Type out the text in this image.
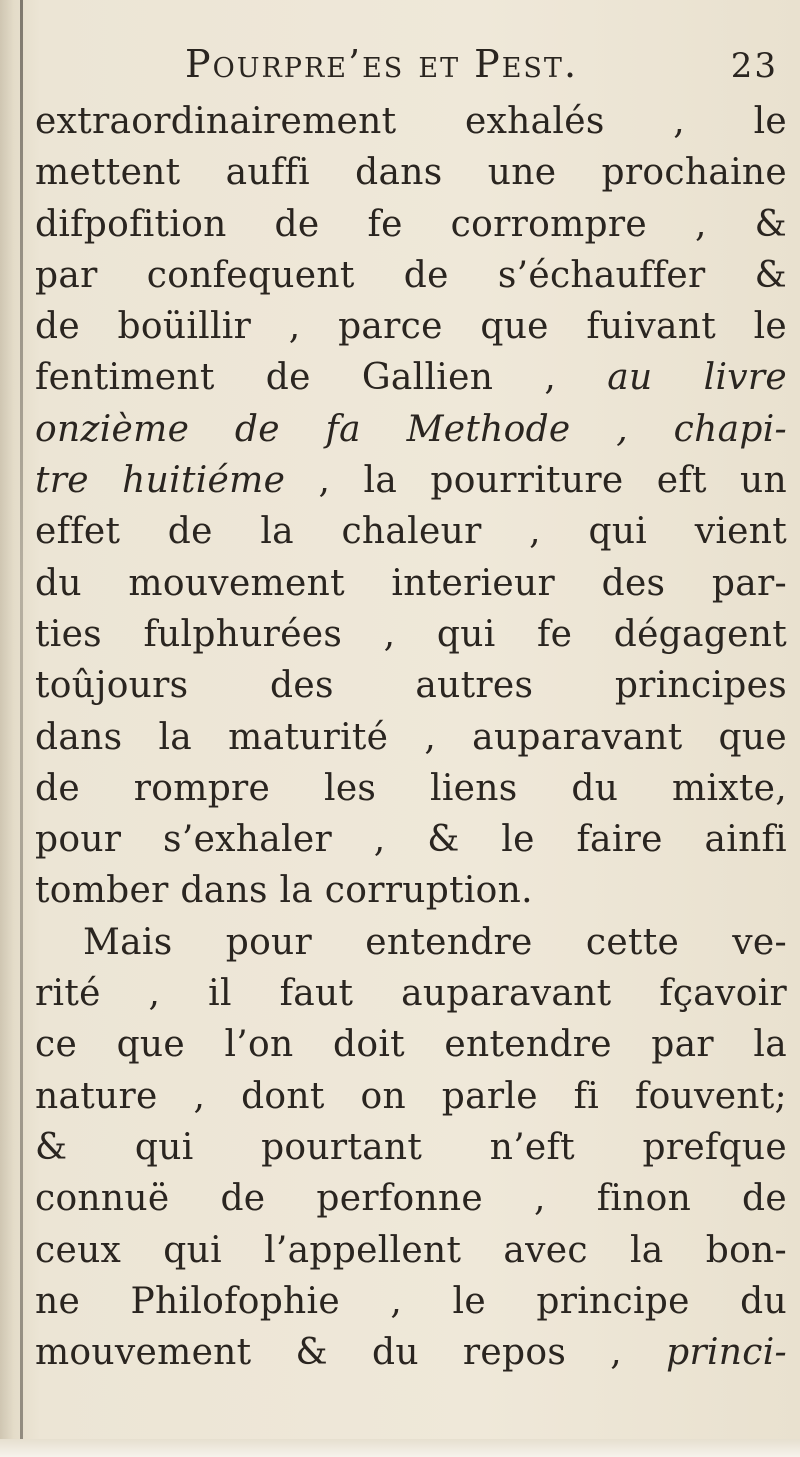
Pourpre’es et Pest.	23
extraordinairement exhalés , le
mettent auffi dans une prochaine
difpofition de fe corrompre , &
par confequent de s’échauffer &
de boüillir , parce que fuivant le
fentiment de Gallien , au livre
onzième de fa Methode , chapi-
tre huitiéme , la pourriture eft un
effet de la chaleur , qui vient
du mouvement interieur des par-
ties fulphurées , qui fe dégagent
toûjours des autres principes
dans la maturité , auparavant que
de rompre les liens du mixte,
pour s’exhaler , & le faire ainfi
tomber dans la corruption.
Mais pour entendre cette ve-
rité , il faut auparavant fçavoir
ce que l’on doit entendre par la
nature , dont on parle fi fouvent;
& qui pourtant n’eft prefque
connuë de perfonne , finon de
ceux qui l’appellent avec la bon-
ne Philofophie , le principe du
mouvement & du repos , princi-
